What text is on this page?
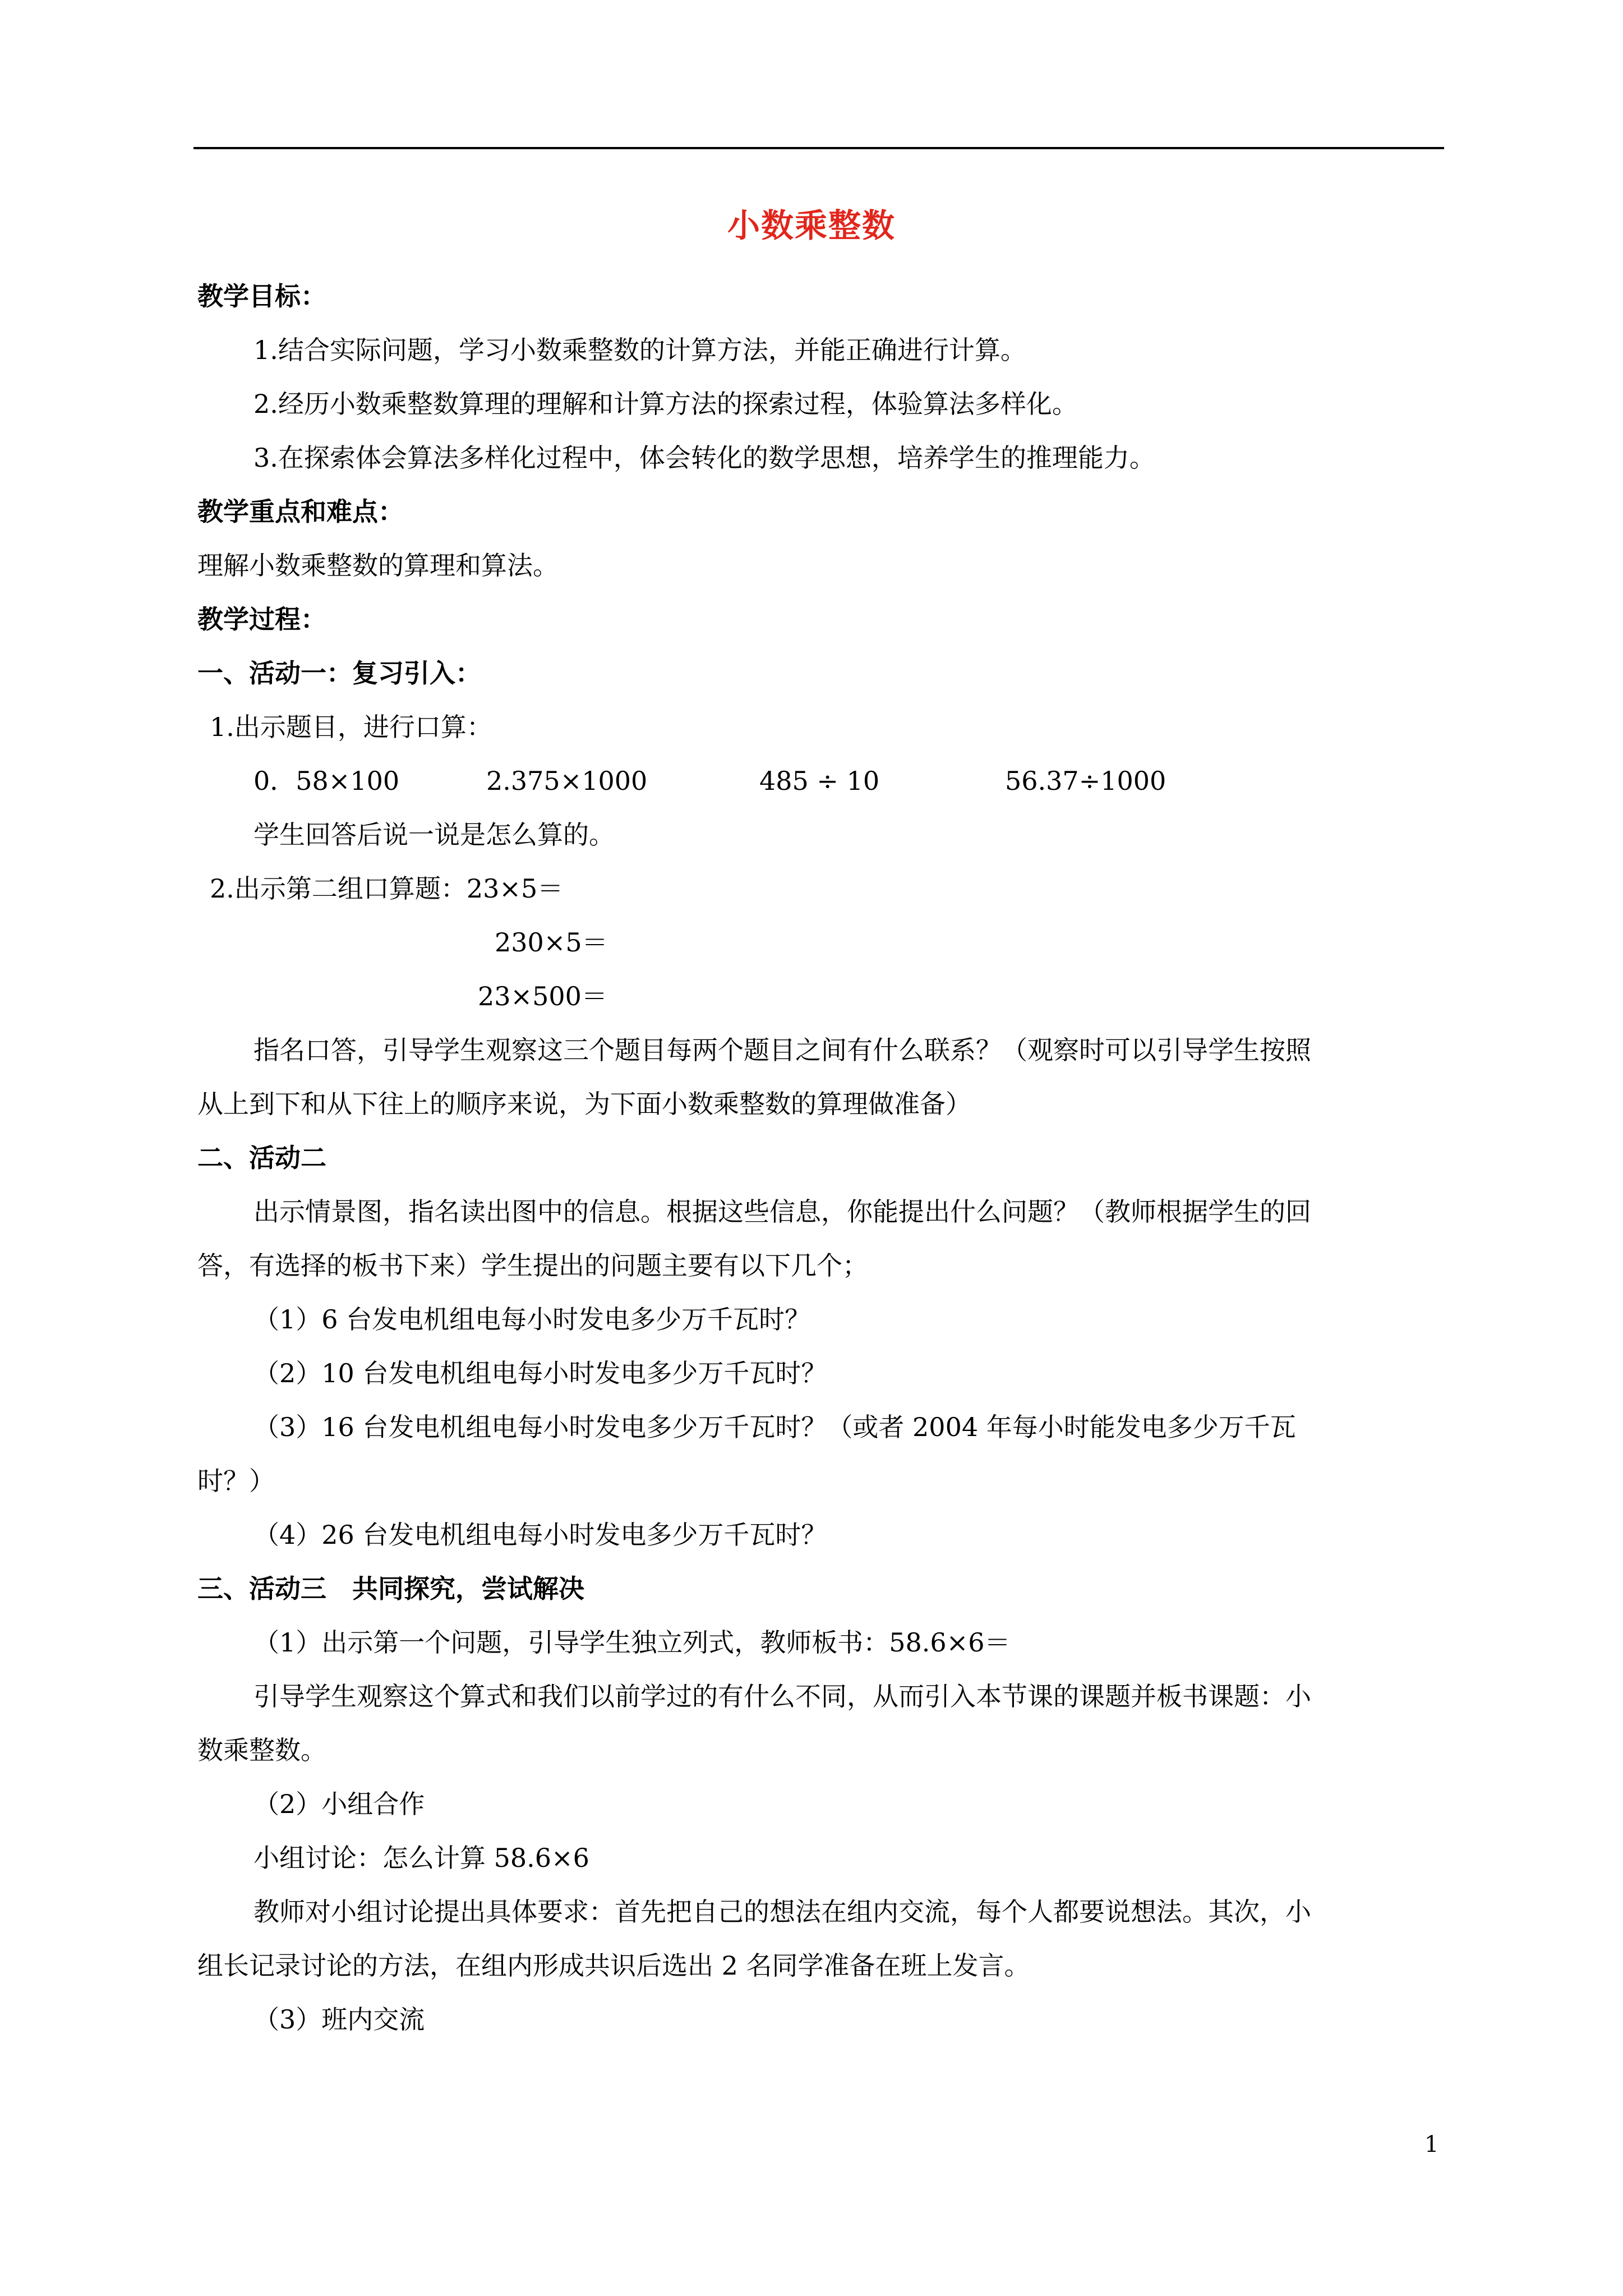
小数乘整数
教学目标：
1.结合实际问题，学习小数乘整数的计算方法，并能正确进行计算。
2.经历小数乘整数算理的理解和计算方法的探索过程，体验算法多样化。
3.在探索体会算法多样化过程中，体会转化的数学思想，培养学生的推理能力。
教学重点和难点：
理解小数乘整数的算理和算法。
教学过程：
一、活动一：复习引入：
1.出示题目，进行口算：
0．58×100	2.375×1000	485 ÷ 10	56.37÷1000
学生回答后说一说是怎么算的。
2.出示第二组口算题：23×5＝
230×5＝
23×500＝
指名口答，引导学生观察这三个题目每两个题目之间有什么联系？（观察时可以引导学生按照
从上到下和从下往上的顺序来说，为下面小数乘整数的算理做准备）
二、活动二
出示情景图，指名读出图中的信息。根据这些信息，你能提出什么问题？（教师根据学生的回
答，有选择的板书下来）学生提出的问题主要有以下几个；
（1）6 台发电机组电每小时发电多少万千瓦时？
（2）10 台发电机组电每小时发电多少万千瓦时？
（3）16 台发电机组电每小时发电多少万千瓦时？（或者 2004 年每小时能发电多少万千瓦
时？）
（4）26 台发电机组电每小时发电多少万千瓦时？
三、活动三　共同探究，尝试解决
（1）出示第一个问题，引导学生独立列式，教师板书：58.6×6＝
引导学生观察这个算式和我们以前学过的有什么不同，从而引入本节课的课题并板书课题：小
数乘整数。
（2）小组合作
小组讨论：怎么计算 58.6×6
教师对小组讨论提出具体要求：首先把自己的想法在组内交流，每个人都要说想法。其次，小
组长记录讨论的方法，在组内形成共识后选出 2 名同学准备在班上发言。
（3）班内交流
1
